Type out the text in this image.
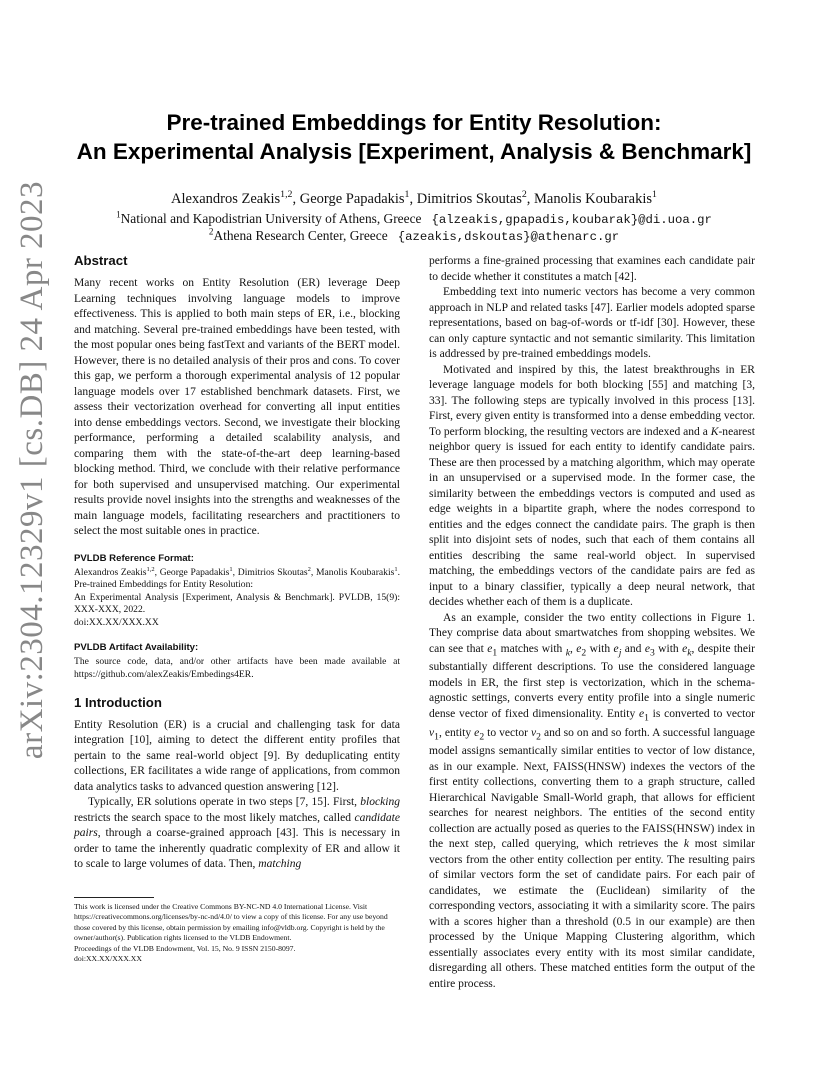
arXiv:2304.12329v1 [cs.DB] 24 Apr 2023
Pre-trained Embeddings for Entity Resolution:
An Experimental Analysis [Experiment, Analysis & Benchmark]
Alexandros Zeakis$^{1,2}$, George Papadakis$^1$, Dimitrios Skoutas$^2$, Manolis Koubarakis$^1$
$^1$National and Kapodistrian University of Athens, Greece {alzeakis,gpapadis,koubarak}@di.uoa.gr
$^2$Athena Research Center, Greece {azeakis,dskoutas}@athenarc.gr
Abstract

Many recent works on Entity Resolution (ER) leverage Deep Learning techniques involving language models to improve effectiveness. This is applied to both main steps of ER, i.e., blocking and matching. Several pre-trained embeddings have been tested, with the most popular ones being fastText and variants of the BERT model. However, there is no detailed analysis of their pros and cons. To cover this gap, we perform a thorough experimental analysis of 12 popular language models over 17 established benchmark datasets. First, we assess their vectorization overhead for converting all input entities into dense embeddings vectors. Second, we investigate their blocking performance, performing a detailed scalability analysis, and comparing them with the state-of-the-art deep learning-based blocking method. Third, we conclude with their relative performance for both supervised and unsupervised matching. Our experimental results provide novel insights into the strengths and weaknesses of the main language models, facilitating researchers and practitioners to select the most suitable ones in practice.

PVLDB Reference Format:

Alexandros Zeakis$^{1,2}$, George Papadakis$^1$, Dimitrios Skoutas$^2$, Manolis Koubarakis$^1$. Pre-trained Embeddings for Entity Resolution:
An Experimental Analysis [Experiment, Analysis & Benchmark]. PVLDB, 15(9): XXX-XXX, 2022.
doi:XX.XX/XXX.XX

PVLDB Artifact Availability:

The source code, data, and/or other artifacts have been made available at https://github.com/alexZeakis/Embedings4ER.

1 Introduction

Entity Resolution (ER) is a crucial and challenging task for data integration [10], aiming to detect the different entity profiles that pertain to the same real-world object [9]. By deduplicating entity collections, ER facilitates a wide range of applications, from common data analytics tasks to advanced question answering [12].

Typically, ER solutions operate in two steps [7, 15]. First, blocking restricts the search space to the most likely matches, called candidate pairs, through a coarse-grained approach [43]. This is necessary in order to tame the inherently quadratic complexity of ER and allow it to scale to large volumes of data. Then, matching

This work is licensed under the Creative Commons BY-NC-ND 4.0 International License. Visit https://creativecommons.org/licenses/by-nc-nd/4.0/ to view a copy of this license. For any use beyond those covered by this license, obtain permission by emailing info@vldb.org. Copyright is held by the owner/author(s). Publication rights licensed to the VLDB Endowment.

Proceedings of the VLDB Endowment, Vol. 15, No. 9 ISSN 2150-8097.

doi:XX.XX/XXX.XX

performs a fine-grained processing that examines each candidate pair to decide whether it constitutes a match [42].

Embedding text into numeric vectors has become a very common approach in NLP and related tasks [47]. Earlier models adopted sparse representations, based on bag-of-words or tf-idf [30]. However, these can only capture syntactic and not semantic similarity. This limitation is addressed by pre-trained embeddings models.

Motivated and inspired by this, the latest breakthroughs in ER leverage language models for both blocking [55] and matching [3, 33]. The following steps are typically involved in this process [13]. First, every given entity is transformed into a dense embedding vector. To perform blocking, the resulting vectors are indexed and a K-nearest neighbor query is issued for each entity to identify candidate pairs. These are then processed by a matching algorithm, which may operate in an unsupervised or a supervised mode. In the former case, the similarity between the embeddings vectors is computed and used as edge weights in a bipartite graph, where the nodes correspond to entities and the edges connect the candidate pairs. The graph is then split into disjoint sets of nodes, such that each of them contains all entities describing the same real-world object. In supervised matching, the embeddings vectors of the candidate pairs are fed as input to a binary classifier, typically a deep neural network, that decides whether each of them is a duplicate.

As an example, consider the two entity collections in Figure 1. They comprise data about smartwatches from shopping websites. We can see that $e_1$ matches with $_k$, $e_2$ with $e_j$ and $e_3$ with $e_k$, despite their substantially different descriptions. To use the considered language models in ER, the first step is vectorization, which in the schema-agnostic settings, converts every entity profile into a single numeric dense vector of fixed dimensionality. Entity $e_1$ is converted to vector $v_1$, entity $e_2$ to vector $v_2$ and so on and so forth. A successful language model assigns semantically similar entities to vector of low distance, as in our example. Next, FAISS(HNSW) indexes the vectors of the first entity collections, converting them to a graph structure, called Hierarchical Navigable Small-World graph, that allows for efficient searches for nearest neighbors. The entities of the second entity collection are actually posed as queries to the FAISS(HNSW) index in the next step, called querying, which retrieves the k most similar vectors from the other entity collection per entity. The resulting pairs of similar vectors form the set of candidate pairs. For each pair of candidates, we estimate the (Euclidean) similarity of the corresponding vectors, associating it with a similarity score. The pairs with a scores higher than a threshold (0.5 in our example) are then processed by the Unique Mapping Clustering algorithm, which essentially associates every entity with its most similar candidate, disregarding all others. These matched entities form the output of the entire process.
